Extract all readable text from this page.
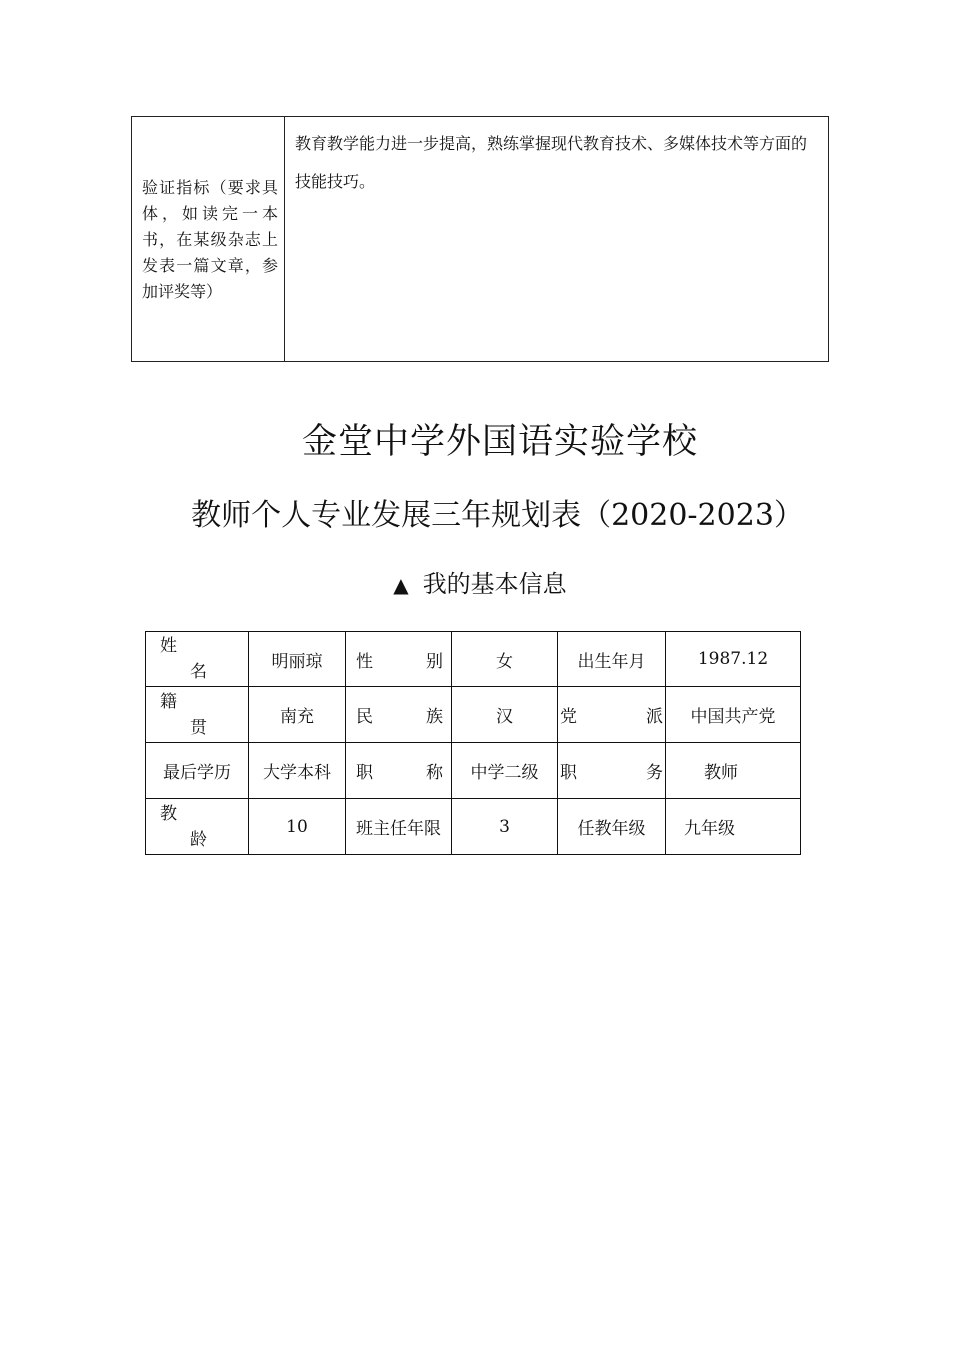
验证指标（要求具体，如读完一本书，在某级杂志上发表一篇文章，参加评奖等）
教育教学能力进一步提高，熟练掌握现代教育技术、多媒体技术等方面的技能技巧。
金堂中学外国语实验学校
教师个人专业发展三年规划表（2020-2023）
▲ 我的基本信息
姓
名	明丽琼	性 别	女	出生年月	1987.12

籍
贯	南充	民 族	汉	党 派	中国共产党
最后学历	大学本科	职 称	中学二级	职 务	教师

教
龄	10	班主任年限	3	任教年级	九年级
